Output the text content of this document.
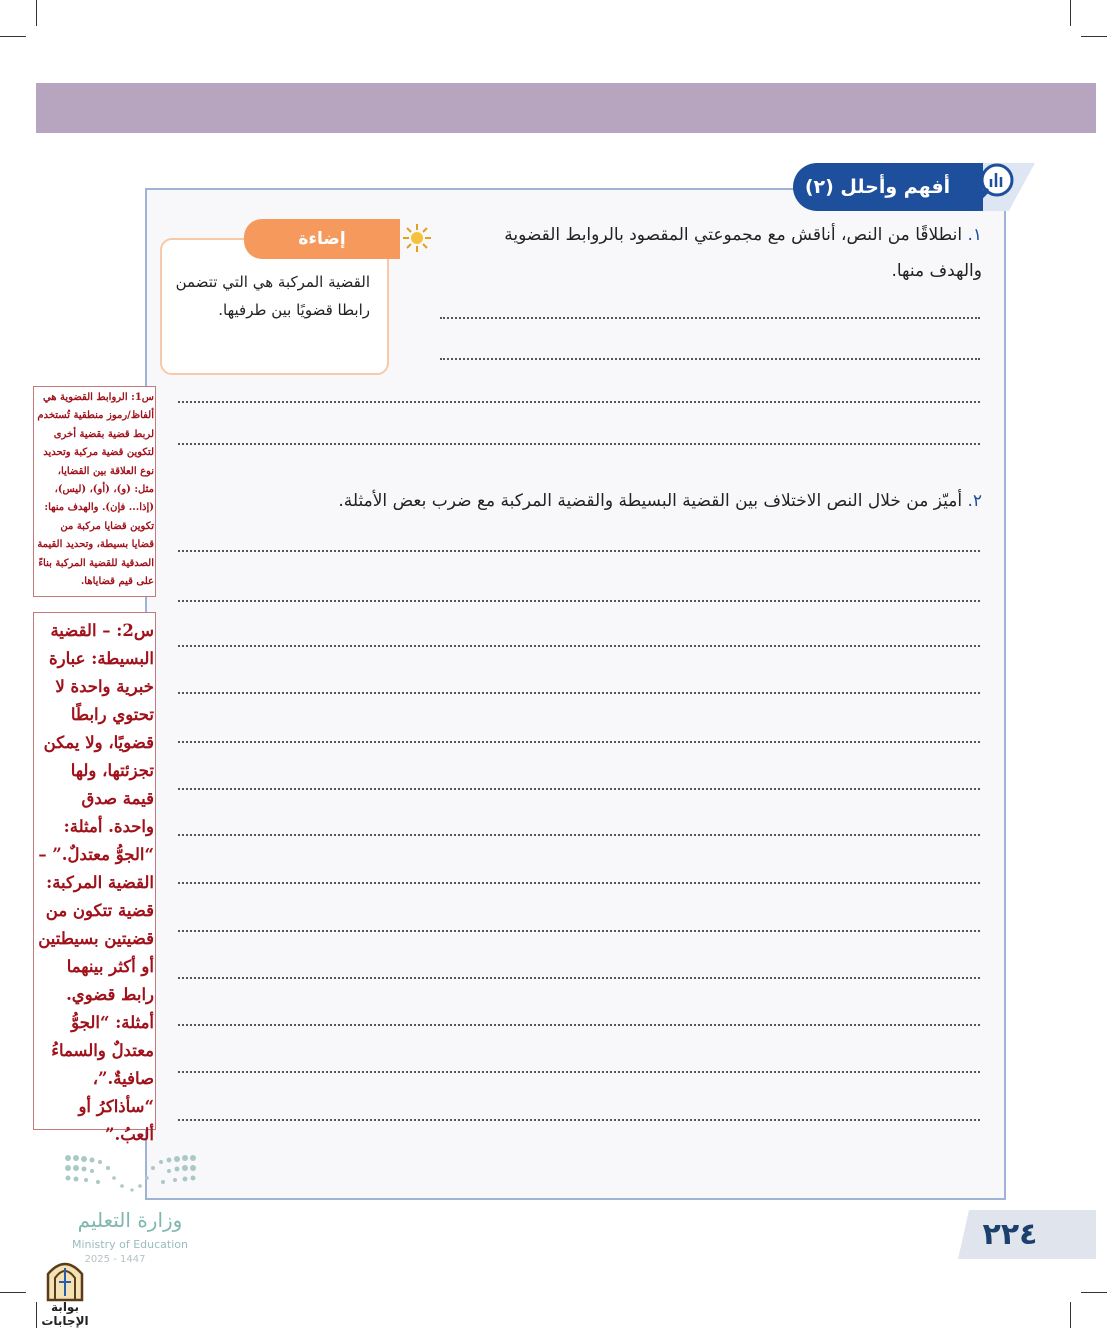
أفهم وأحلل (٢)
١. انطلاقًا من النص، أناقش مع مجموعتي المقصود بالروابط القضوية
والهدف منها.
٢. أميّز من خلال النص الاختلاف بين القضية البسيطة والقضية المركبة مع ضرب بعض الأمثلة.
إضاءة
القضية المركبة هي التي تتضمن رابطا قضويًا بين طرفيها.
س1: الروابط القضوية هي ألفاظ/رموز منطقية تُستخدم لربط قضية بقضية أخرى لتكوين قضية مركبة وتحديد نوع العلاقة بين القضايا، مثل: (و)، (أو)، (ليس)، (إذا... فإن). والهدف منها: تكوين قضايا مركبة من قضايا بسيطة، وتحديد القيمة الصدقية للقضية المركبة بناءً على قيم قضاياها.
س2: – القضية البسيطة: عبارة خبرية واحدة لا تحتوي رابطًا قضويًا، ولا يمكن تجزئتها، ولها قيمة صدق واحدة. أمثلة: “الجوُّ معتدلٌ.” – القضية المركبة: قضية تتكون من قضيتين بسيطتين أو أكثر بينهما رابط قضوي. أمثلة: “الجوُّ معتدلٌ والسماءُ صافيةٌ.”، “سأذاكرُ أو ألعبُ.”
٢٢٤
وزارة التعليم
Ministry of Education
2025 - 1447
بوابة الإجابات
